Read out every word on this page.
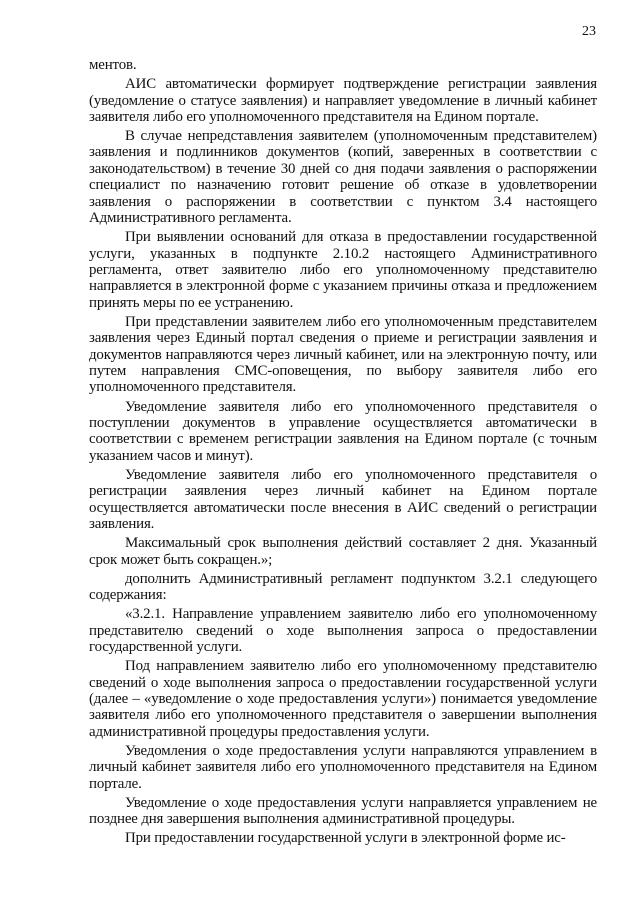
23

ментов.

АИС автоматически формирует подтверждение регистрации заявления (уведомление о статусе заявления) и направляет уведомление в личный кабинет заявителя либо его уполномоченного представителя на Едином портале.

В случае непредставления заявителем (уполномоченным представителем) заявления и подлинников документов (копий, заверенных в соответствии с законодательством) в течение 30 дней со дня подачи заявления о распоряжении специалист по назначению готовит решение об отказе в удовлетворении заявления о распоряжении в соответствии с пунктом 3.4 настоящего Административного регламента.

При выявлении оснований для отказа в предоставлении государственной услуги, указанных в подпункте 2.10.2 настоящего Административного регламента, ответ заявителю либо его уполномоченному представителю направляется в электронной форме с указанием причины отказа и предложением принять меры по ее устранению.

При представлении заявителем либо его уполномоченным представителем заявления через Единый портал сведения о приеме и регистрации заявления и документов направляются через личный кабинет, или на электронную почту, или путем направления СМС-оповещения, по выбору заявителя либо его уполномоченного представителя.

Уведомление заявителя либо его уполномоченного представителя о поступлении документов в управление осуществляется автоматически в соответствии с временем регистрации заявления на Едином портале (с точным указанием часов и минут).

Уведомление заявителя либо его уполномоченного представителя о регистрации заявления через личный кабинет на Едином портале осуществляется автоматически после внесения в АИС сведений о регистрации заявления.

Максимальный срок выполнения действий составляет 2 дня. Указанный срок может быть сокращен.»;

дополнить Административный регламент подпунктом 3.2.1 следующего содержания:

«3.2.1. Направление управлением заявителю либо его уполномоченному представителю сведений о ходе выполнения запроса о предоставлении государственной услуги.

Под направлением заявителю либо его уполномоченному представителю сведений о ходе выполнения запроса о предоставлении государственной услуги (далее – «уведомление о ходе предоставления услуги») понимается уведомление заявителя либо его уполномоченного представителя о завершении выполнения административной процедуры предоставления услуги.

Уведомления о ходе предоставления услуги направляются управлением в личный кабинет заявителя либо его уполномоченного представителя на Едином портале.

Уведомление о ходе предоставления услуги направляется управлением не позднее дня завершения выполнения административной процедуры.

При предоставлении государственной услуги в электронной форме ис-
